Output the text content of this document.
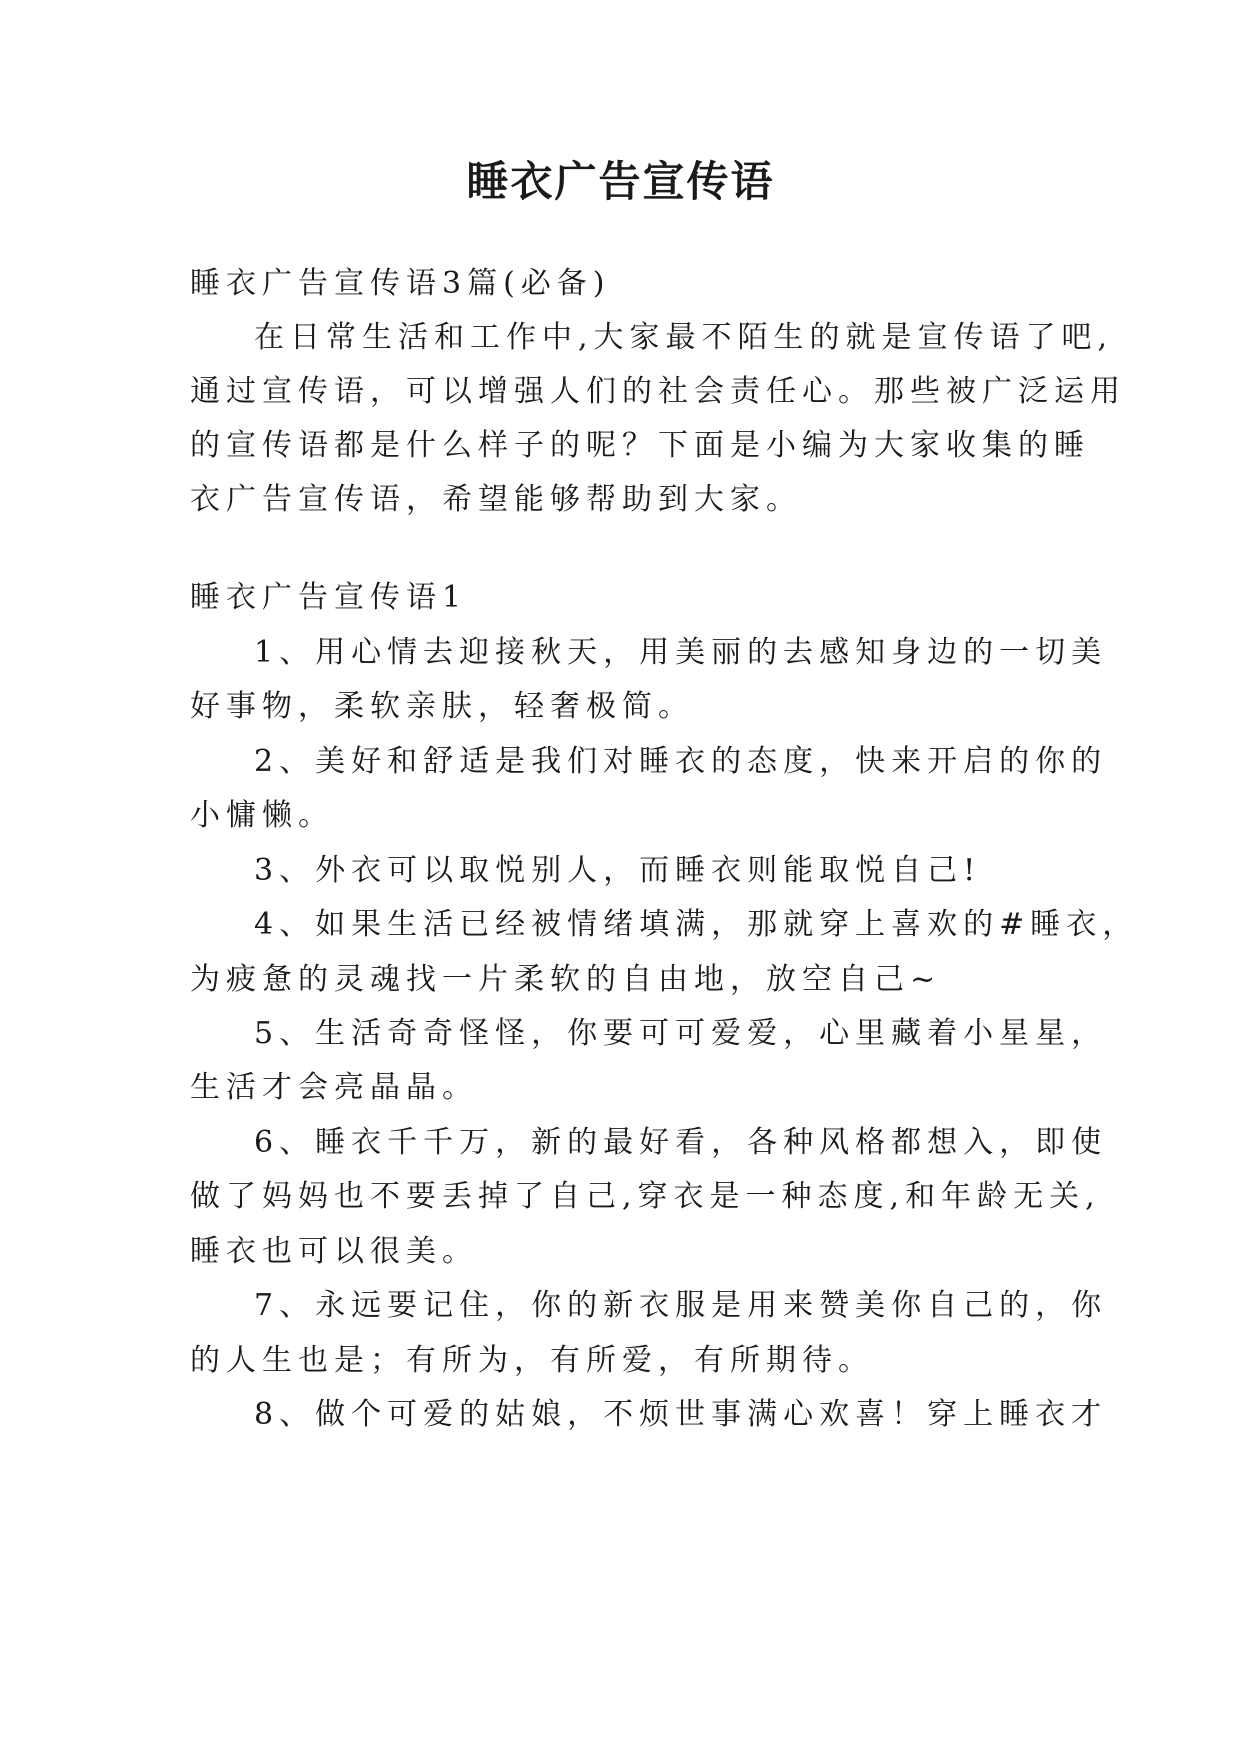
睡衣广告宣传语
睡衣广告宣传语3篇(必备)
在日常生活和工作中,大家最不陌生的就是宣传语了吧,
通过宣传语，可以增强人们的社会责任心。那些被广泛运用
的宣传语都是什么样子的呢？下面是小编为大家收集的睡
衣广告宣传语，希望能够帮助到大家。
睡衣广告宣传语1
1、用心情去迎接秋天，用美丽的去感知身边的一切美
好事物，柔软亲肤，轻奢极简。
2、美好和舒适是我们对睡衣的态度，快来开启的你的
小慵懒。
3、外衣可以取悦别人，而睡衣则能取悦自己!
4、如果生活已经被情绪填满，那就穿上喜欢的#睡衣，
为疲惫的灵魂找一片柔软的自由地，放空自己~
5、生活奇奇怪怪，你要可可爱爱，心里藏着小星星，
生活才会亮晶晶。
6、睡衣千千万，新的最好看，各种风格都想入，即使
做了妈妈也不要丢掉了自己,穿衣是一种态度,和年龄无关,
睡衣也可以很美。
7、永远要记住，你的新衣服是用来赞美你自己的，你
的人生也是；有所为，有所爱，有所期待。
8、做个可爱的姑娘，不烦世事满心欢喜！穿上睡衣才
